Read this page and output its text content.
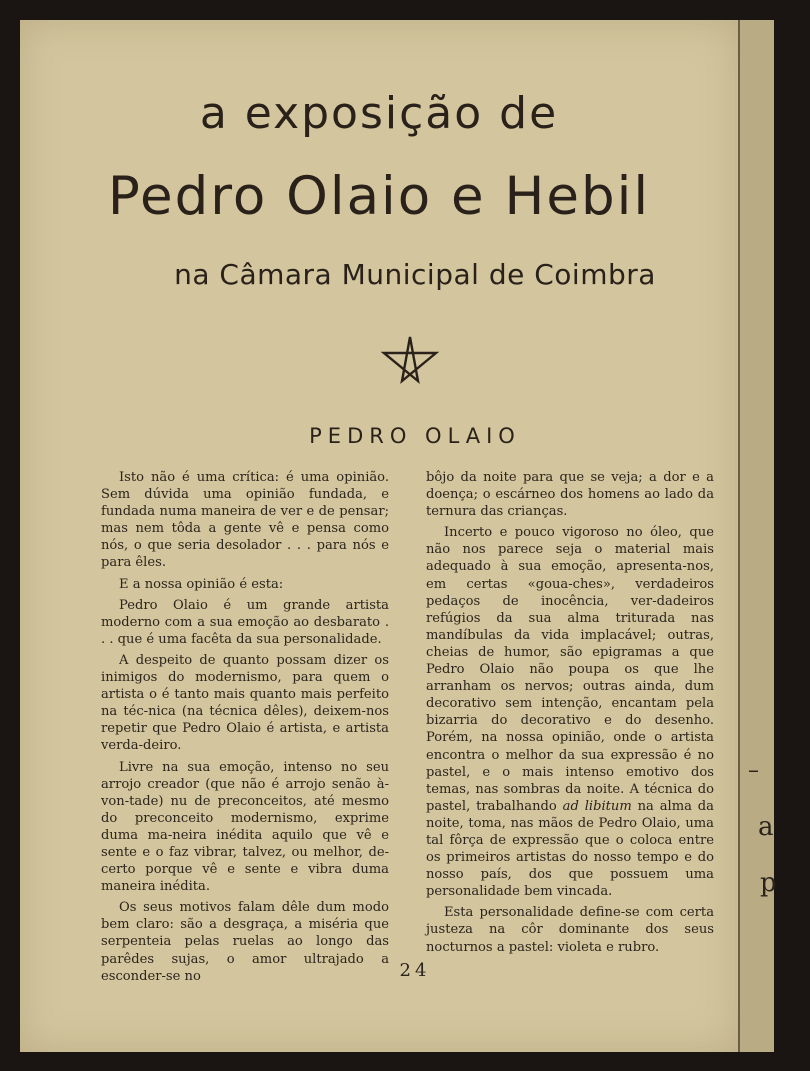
–
a
p
a exposição de
Pedro Olaio e Hebil
na Câmara Municipal de Coimbra
PEDRO OLAIO

Isto não é uma crítica: é uma opinião. Sem dúvida uma opinião fundada, e fundada numa maneira de ver e de pensar; mas nem tôda a gente vê e pensa como nós, o que seria desolador . . . para nós e para êles.

E a nossa opinião é esta:

Pedro Olaio é um grande artista moderno com a sua emoção ao desbarato . . . que é uma facêta da sua personalidade.

A despeito de quanto possam dizer os inimigos do modernismo, para quem o artista o é tanto mais quanto mais perfeito na téc-nica (na técnica dêles), deixem-nos repetir que Pedro Olaio é artista, e artista verda-deiro.

Livre na sua emoção, intenso no seu arrojo creador (que não é arrojo senão à-von-tade) nu de preconceitos, até mesmo do preconceito modernismo, exprime duma ma-neira inédita aquilo que vê e sente e o faz vibrar, talvez, ou melhor, de-certo porque vê e sente e vibra duma maneira inédita.

Os seus motivos falam dêle dum modo bem claro: são a desgraça, a miséria que serpenteia pelas ruelas ao longo das parêdes sujas, o amor ultrajado a esconder-se no

bôjo da noite para que se veja; a dor e a doença; o escárneo dos homens ao lado da ternura das crianças.

Incerto e pouco vigoroso no óleo, que não nos parece seja o material mais adequado à sua emoção, apresenta-nos, em certas «goua-ches», verdadeiros pedaços de inocência, ver-dadeiros refúgios da sua alma triturada nas mandíbulas da vida implacável; outras, cheias de humor, são epigramas a que Pedro Olaio não poupa os que lhe arranham os nervos; outras ainda, dum decorativo sem intenção, encantam pela bizarria do decorativo e do desenho. Porém, na nossa opinião, onde o artista encontra o melhor da sua expressão é no pastel, e o mais intenso emotivo dos temas, nas sombras da noite. A técnica do pastel, trabalhando ad libitum na alma da noite, toma, nas mãos de Pedro Olaio, uma tal fôrça de expressão que o coloca entre os primeiros artistas do nosso tempo e do nosso país, dos que possuem uma personalidade bem vincada.

Esta personalidade define-se com certa justeza na côr dominante dos seus nocturnos a pastel: violeta e rubro.

24
